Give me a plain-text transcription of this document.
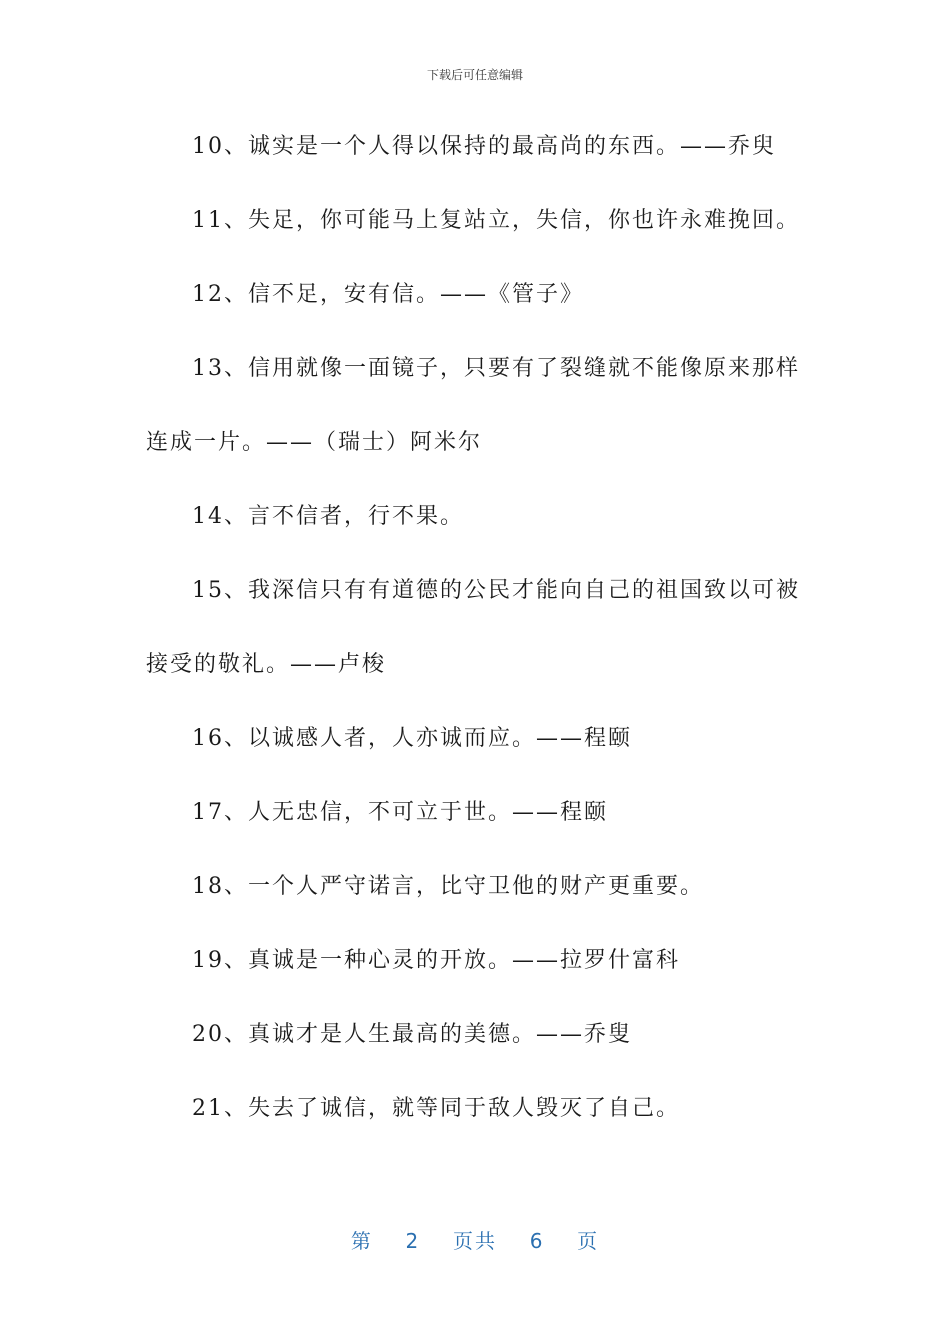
下载后可任意编辑

10、诚实是一个人得以保持的最高尚的东西。——乔臾

11、失足，你可能马上复站立，失信，你也许永难挽回。

12、信不足，安有信。——《管子》

13、信用就像一面镜子，只要有了裂缝就不能像原来那样
连成一片。——（瑞士）阿米尔

14、言不信者，行不果。

15、我深信只有有道德的公民才能向自己的祖国致以可被
接受的敬礼。——卢梭

16、以诚感人者，人亦诚而应。——程颐

17、人无忠信，不可立于世。——程颐

18、一个人严守诺言，比守卫他的财产更重要。

19、真诚是一种心灵的开放。——拉罗什富科

20、真诚才是人生最高的美德。——乔叟

21、失去了诚信，就等同于敌人毁灭了自己。

第 2 页共 6 页
